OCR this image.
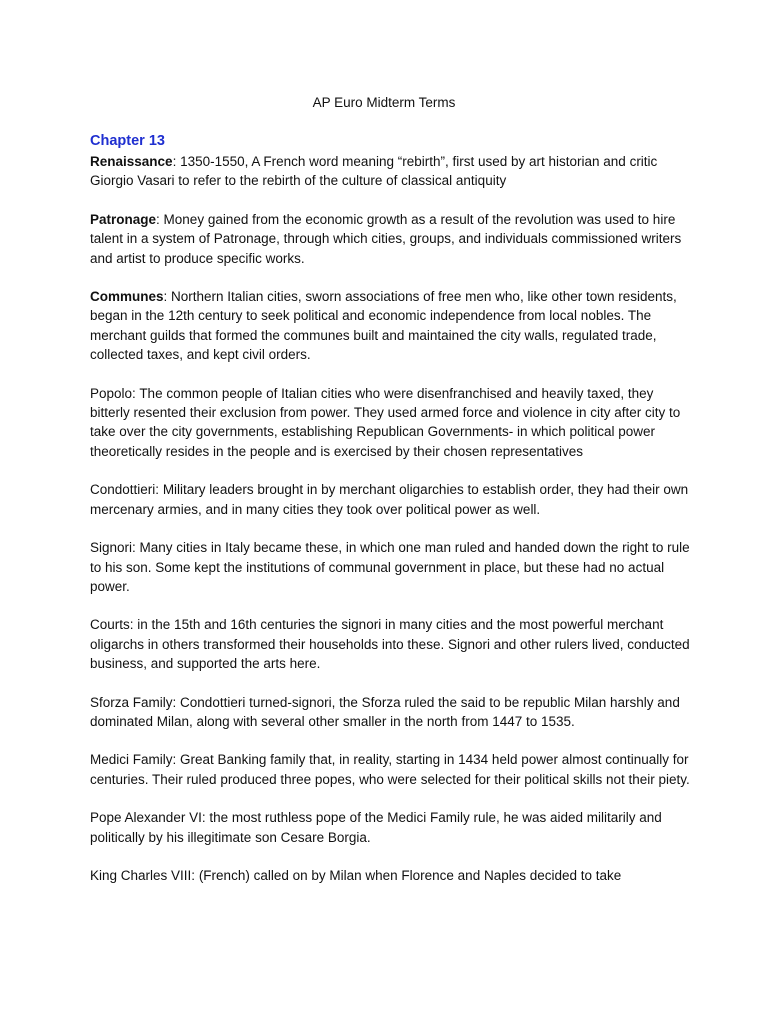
AP Euro Midterm Terms
Chapter 13

Renaissance: 1350-1550, A French word meaning “rebirth”, first used by art historian and critic Giorgio Vasari to refer to the rebirth of the culture of classical antiquity

Patronage: Money gained from the economic growth as a result of the revolution was used to hire talent in a system of Patronage, through which cities, groups, and individuals commissioned writers and artist to produce specific works.

Communes: Northern Italian cities, sworn associations of free men who, like other town residents, began in the 12th century to seek political and economic independence from local nobles. The merchant guilds that formed the communes built and maintained the city walls, regulated trade, collected taxes, and kept civil orders.

Popolo: The common people of Italian cities who were disenfranchised and heavily taxed, they bitterly resented their exclusion from power. They used armed force and violence in city after city to take over the city governments, establishing Republican Governments- in which political power theoretically resides in the people and is exercised by their chosen representatives

Condottieri: Military leaders brought in by merchant oligarchies to establish order, they had their own mercenary armies, and in many cities they took over political power as well.

Signori: Many cities in Italy became these, in which one man ruled and handed down the right to rule to his son. Some kept the institutions of communal government in place, but these had no actual power.

Courts: in the 15th and 16th centuries the signori in many cities and the most powerful merchant oligarchs in others transformed their households into these. Signori and other rulers lived, conducted business, and supported the arts here.

Sforza Family: Condottieri turned-signori, the Sforza ruled the said to be republic Milan harshly and dominated Milan, along with several other smaller in the north from 1447 to 1535.

Medici Family: Great Banking family that, in reality, starting in 1434 held power almost continually for centuries. Their ruled produced three popes, who were selected for their political skills not their piety.

Pope Alexander VI: the most ruthless pope of the Medici Family rule, he was aided militarily and politically by his illegitimate son Cesare Borgia.

King Charles VIII: (French) called on by Milan when Florence and Naples decided to take
